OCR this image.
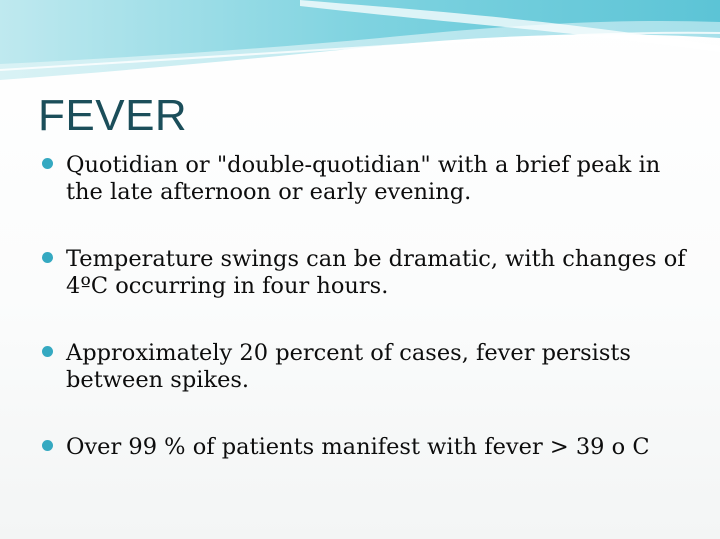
FEVER
Quotidian or "double-quotidian" with a brief peak in the late afternoon or early evening.
Temperature swings can be dramatic, with changes of 4ºC occurring in four hours.
Approximately 20 percent of cases, fever persists between spikes.
Over 99 % of patients manifest with fever > 39 o C
